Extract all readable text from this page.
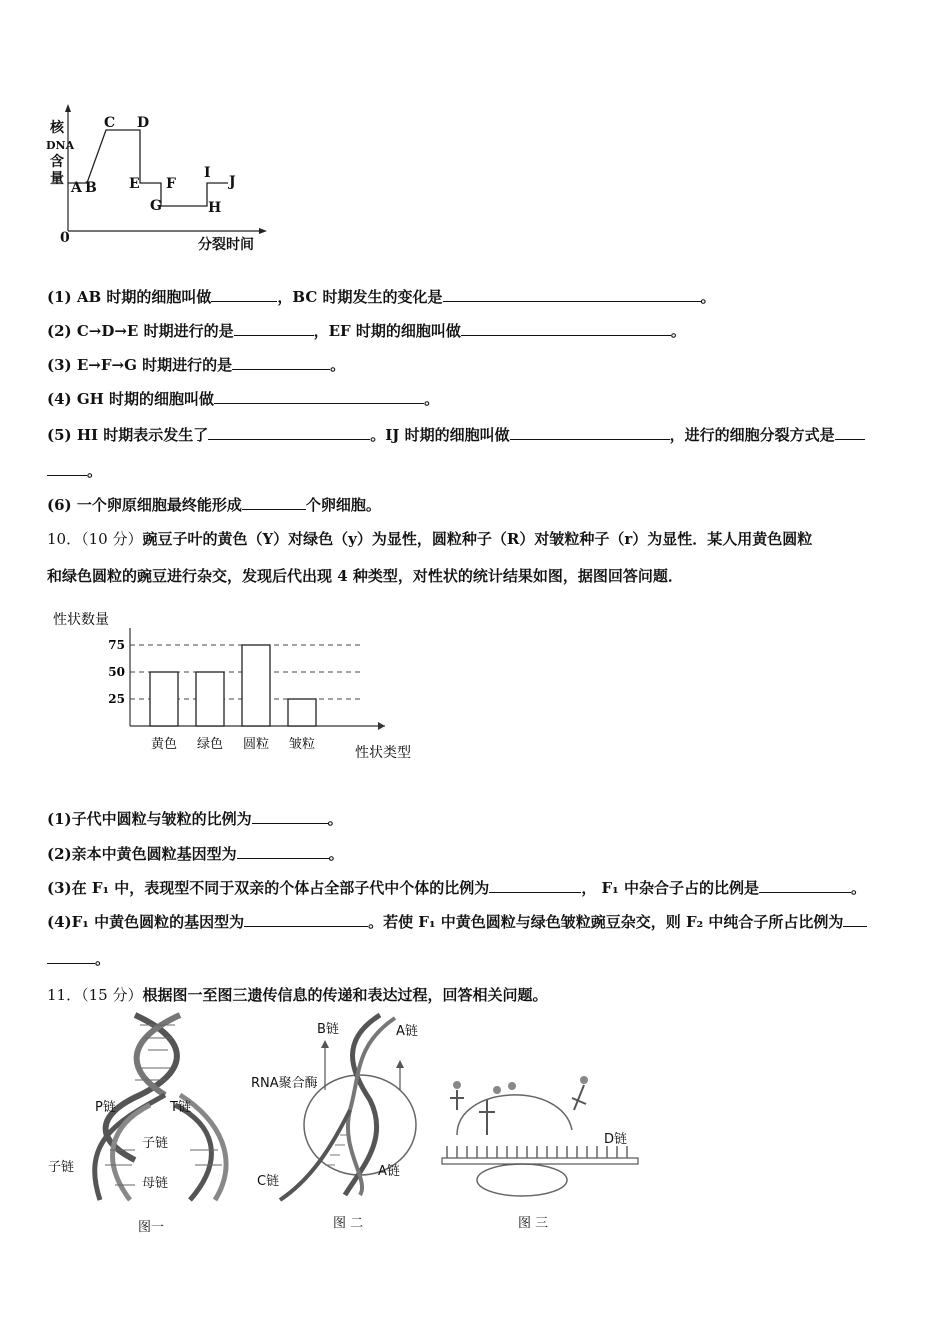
核
DNA
含
量
0	分裂时间
A B
C D
E F
G	H
I
J
(1) AB 时期的细胞叫做	，BC 时期发生的变化是	。
(2) C→D→E 时期进行的是	，EF 时期的细胞叫做	。
(3) E→F→G 时期进行的是	。
(4) GH 时期的细胞叫做	。
(5) HI 时期表示发生了	。IJ 时期的细胞叫做	，进行的细胞分裂方式是
。
(6) 一个卵原细胞最终能形成	个卵细胞。
10．（10 分）豌豆子叶的黄色（Y）对绿色（y）为显性，圆粒种子（R）对皱粒种子（r）为显性．某人用黄色圆粒
和绿色圆粒的豌豆进行杂交，发现后代出现 4 种类型，对性状的统计结果如图，据图回答问题．
25
50
75
黄色 绿色 圆粒 皱粒
性状数量
性状类型
(1)子代中圆粒与皱粒的比例为	。
(2)亲本中黄色圆粒基因型为	。
(3)在 F₁ 中，表现型不同于双亲的个体占全部子代中个体的比例为	， F₁ 中杂合子占的比例是	。
(4)F₁ 中黄色圆粒的基因型为	。若使 F₁ 中黄色圆粒与绿色皱粒豌豆杂交，则 F₂ 中纯合子所占比例为
。
11．（15 分）根据图一至图三遗传信息的传递和表达过程，回答相关问题。
P链	T链
子链
子链
母链
图一
B链	A链
RNA聚合酶
C链
A链
图 二
D链
图 三
